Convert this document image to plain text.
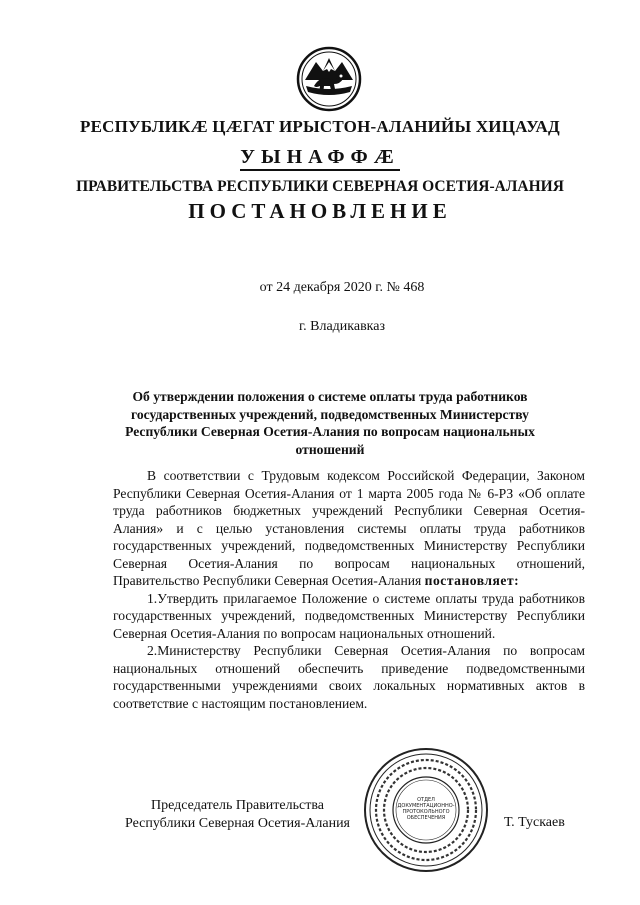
РЕСПУБЛИКӔ ЦӔГАТ ИРЫСТОН-АЛАНИЙЫ ХИЦАУАД
УЫНАФФӔ
ПРАВИТЕЛЬСТВА РЕСПУБЛИКИ СЕВЕРНАЯ ОСЕТИЯ-АЛАНИЯ
ПОСТАНОВЛЕНИЕ
от 24 декабря 2020 г. № 468
г. Владикавказ
Об утверждении положения о системе оплаты труда работников государственных учреждений, подведомственных Министерству Республики Северная Осетия-Алания по вопросам национальных отношений

В соответствии с Трудовым кодексом Российской Федерации, Законом Республики Северная Осетия-Алания от 1 марта 2005 года № 6-РЗ «Об оплате труда работников бюджетных учреждений Республики Северная Осетия-Алания» и с целью установления системы оплаты труда работников государственных учреждений, подведомственных Министерству Республики Северная Осетия-Алания по вопросам национальных отношений, Правительство Республики Северная Осетия-Алания постановляет:

1.Утвердить прилагаемое Положение о системе оплаты труда работников государственных учреждений, подведомственных Министерству Республики Северная Осетия-Алания по вопросам национальных отношений.

2.Министерству Республики Северная Осетия-Алания по вопросам национальных отношений обеспечить приведение подведомственными государственными учреждениями своих локальных нормативных актов в соответствие с настоящим постановлением.

Председатель Правительства
Республики Северная Осетия-Алания
ОТДЕЛ
ДОКУМЕНТАЦИОННО-
ПРОТОКОЛЬНОГО
ОБЕСПЕЧЕНИЯ	Т. Тускаев
